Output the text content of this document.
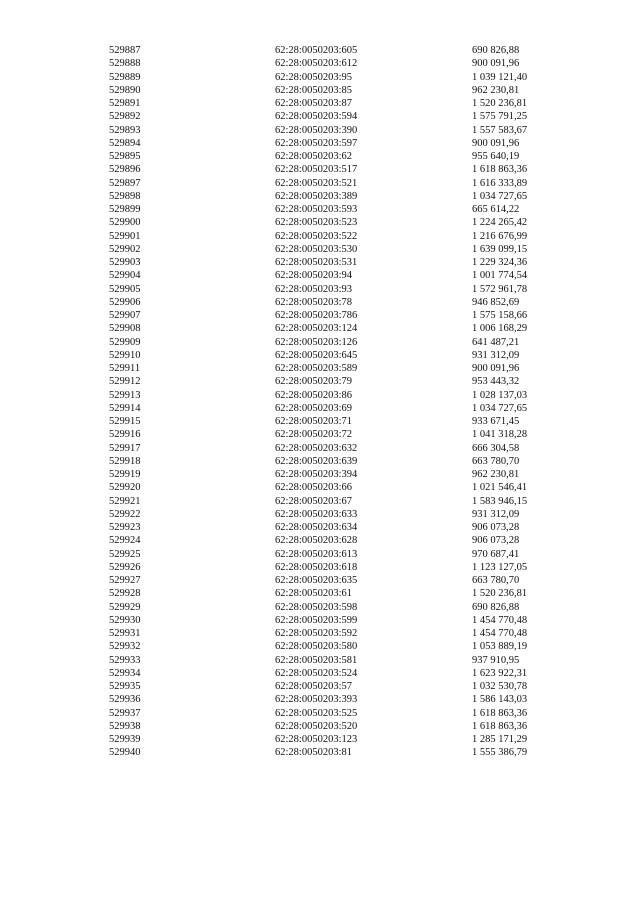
529887	62:28:0050203:605	690 826,88
529888	62:28:0050203:612	900 091,96
529889	62:28:0050203:95	1 039 121,40
529890	62:28:0050203:85	962 230,81
529891	62:28:0050203:87	1 520 236,81
529892	62:28:0050203:594	1 575 791,25
529893	62:28:0050203:390	1 557 583,67
529894	62:28:0050203:597	900 091,96
529895	62:28:0050203:62	955 640,19
529896	62:28:0050203:517	1 618 863,36
529897	62:28:0050203:521	1 616 333,89
529898	62:28:0050203:389	1 034 727,65
529899	62:28:0050203:593	665 614,22
529900	62:28:0050203:523	1 224 265,42
529901	62:28:0050203:522	1 216 676,99
529902	62:28:0050203:530	1 639 099,15
529903	62:28:0050203:531	1 229 324,36
529904	62:28:0050203:94	1 001 774,54
529905	62:28:0050203:93	1 572 961,78
529906	62:28:0050203:78	946 852,69
529907	62:28:0050203:786	1 575 158,66
529908	62:28:0050203:124	1 006 168,29
529909	62:28:0050203:126	641 487,21
529910	62:28:0050203:645	931 312,09
529911	62:28:0050203:589	900 091,96
529912	62:28:0050203:79	953 443,32
529913	62:28:0050203:86	1 028 137,03
529914	62:28:0050203:69	1 034 727,65
529915	62:28:0050203:71	933 671,45
529916	62:28:0050203:72	1 041 318,28
529917	62:28:0050203:632	666 304,58
529918	62:28:0050203:639	663 780,70
529919	62:28:0050203:394	962 230,81
529920	62:28:0050203:66	1 021 546,41
529921	62:28:0050203:67	1 583 946,15
529922	62:28:0050203:633	931 312,09
529923	62:28:0050203:634	906 073,28
529924	62:28:0050203:628	906 073,28
529925	62:28:0050203:613	970 687,41
529926	62:28:0050203:618	1 123 127,05
529927	62:28:0050203:635	663 780,70
529928	62:28:0050203:61	1 520 236,81
529929	62:28:0050203:598	690 826,88
529930	62:28:0050203:599	1 454 770,48
529931	62:28:0050203:592	1 454 770,48
529932	62:28:0050203:580	1 053 889,19
529933	62:28:0050203:581	937 910,95
529934	62:28:0050203:524	1 623 922,31
529935	62:28:0050203:57	1 032 530,78
529936	62:28:0050203:393	1 586 143,03
529937	62:28:0050203:525	1 618 863,36
529938	62:28:0050203:520	1 618 863,36
529939	62:28:0050203:123	1 285 171,29
529940	62:28:0050203:81	1 555 386,79
